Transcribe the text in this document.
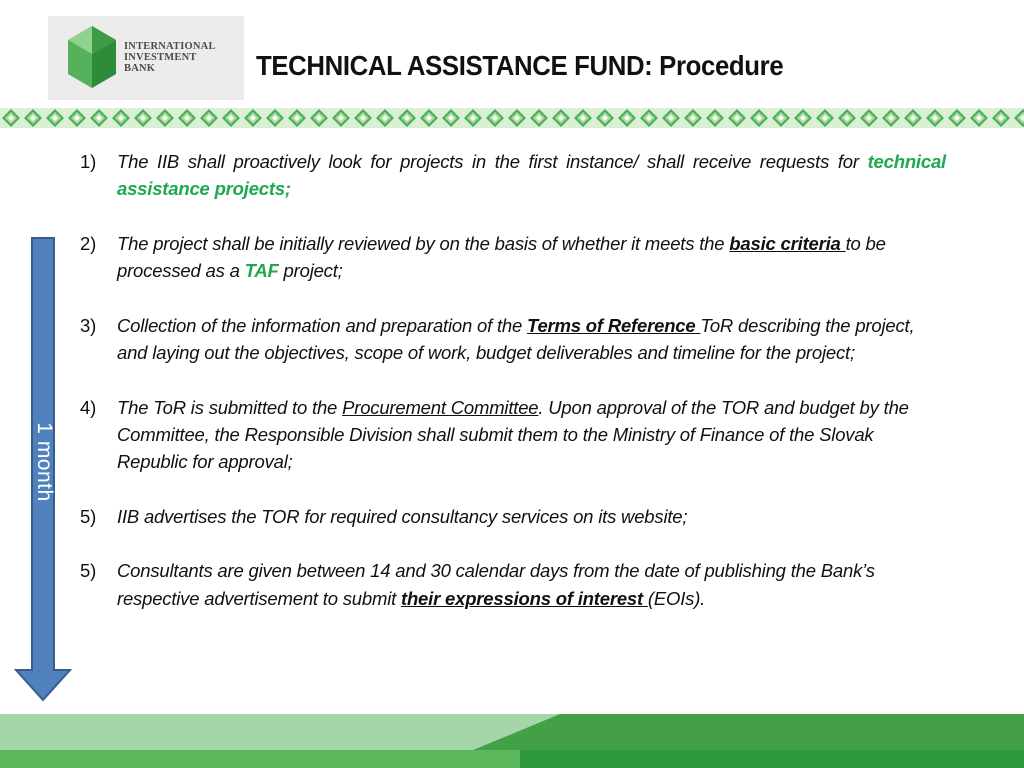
INTERNATIONAL
INVESTMENT
BANK	TECHNICAL ASSISTANCE FUND: Procedure
1 month
1) The IIB shall proactively look for projects in the first instance/ shall receive requests for technical assistance projects;
2) The project shall be initially reviewed by on the basis of whether it meets the basic criteria to be processed as a TAF project;
3) Collection of the information and preparation of the Terms of Reference ToR describing the project, and laying out the objectives, scope of work, budget deliverables and timeline for the project;
4) The ToR is submitted to the Procurement Committee. Upon approval of the TOR and budget by the Committee, the Responsible Division shall submit them to the Ministry of Finance of the Slovak Republic for approval;
5) IIB advertises the TOR for required consultancy services on its website;
5) Consultants are given between 14 and 30 calendar days from the date of publishing the Bank’s respective advertisement to submit their expressions of interest (EOIs).
